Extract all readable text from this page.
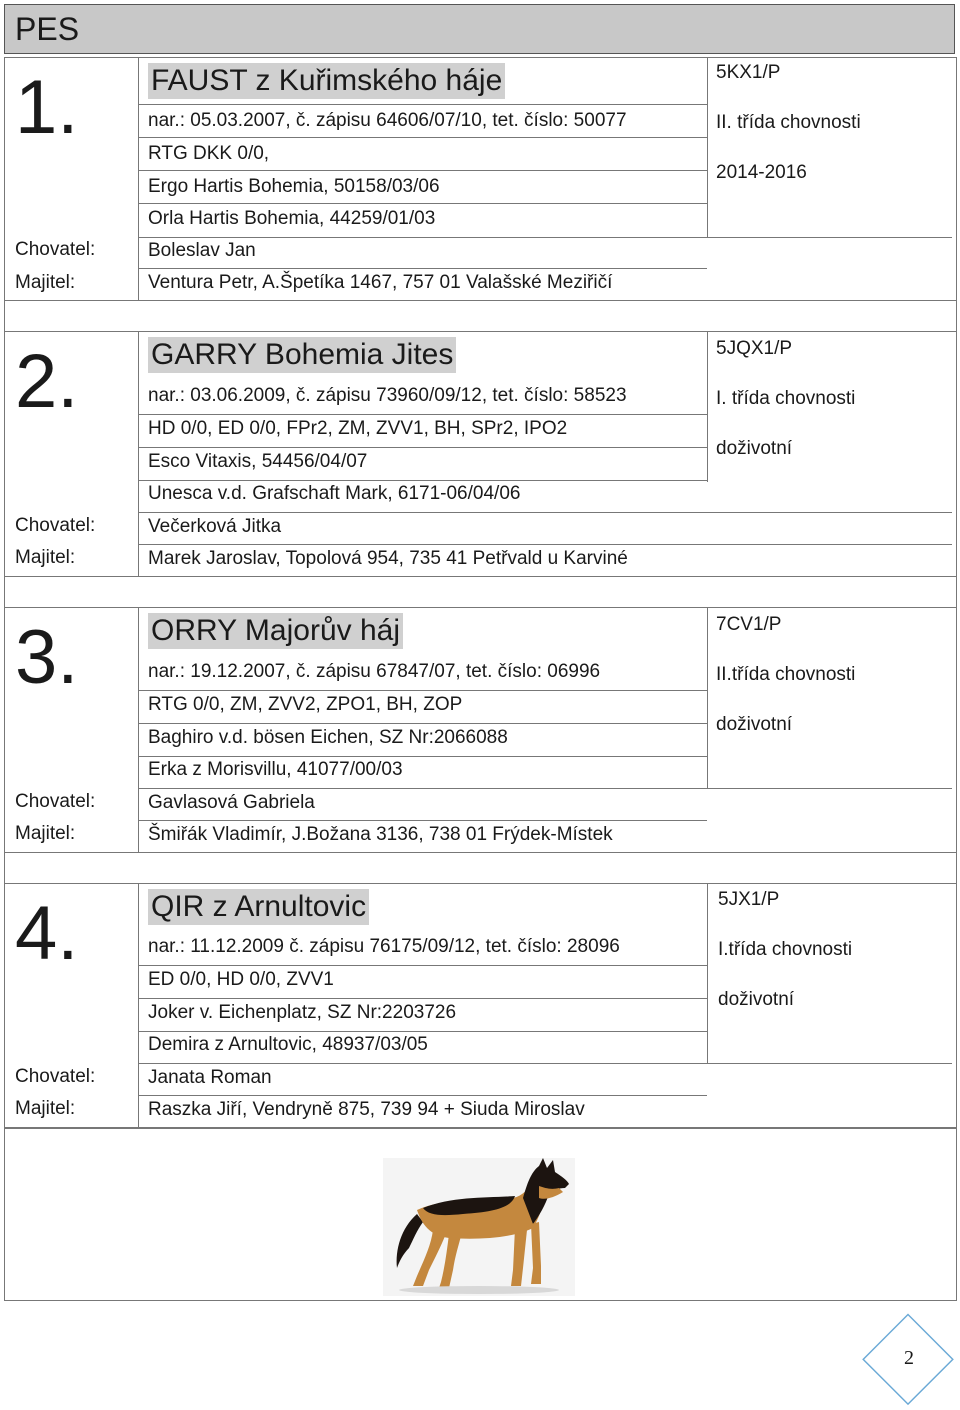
PES
1.
Chovatel:
Majitel:
FAUST z Kuřimského háje
nar.: 05.03.2007, č. zápisu 64606/07/10, tet. číslo: 50077
RTG DKK 0/0,
Ergo Hartis Bohemia, 50158/03/06
Orla Hartis Bohemia, 44259/01/03
Boleslav Jan
Ventura Petr, A.Špetíka 1467, 757 01 Valašské Meziřičí
5KX1/P
II. třída chovnosti
2014-2016
2.
Chovatel:
Majitel:
GARRY Bohemia Jites
nar.: 03.06.2009, č. zápisu 73960/09/12, tet. číslo: 58523
HD 0/0, ED 0/0, FPr2, ZM, ZVV1, BH, SPr2, IPO2
Esco Vitaxis, 54456/04/07
Unesca v.d. Grafschaft Mark, 6171-06/04/06
Večerková Jitka
Marek Jaroslav, Topolová 954, 735 41 Petřvald u Karviné
5JQX1/P
I. třída chovnosti
doživotní
3.
Chovatel:
Majitel:
ORRY Majorův háj
nar.: 19.12.2007, č. zápisu 67847/07, tet. číslo: 06996
RTG 0/0, ZM, ZVV2, ZPO1, BH, ZOP
Baghiro v.d. bösen Eichen, SZ Nr:2066088
Erka z Morisvillu, 41077/00/03
Gavlasová Gabriela
Šmiřák Vladimír, J.Božana 3136, 738 01 Frýdek-Místek
7CV1/P
II.třída chovnosti
doživotní
4.
Chovatel:
Majitel:
QIR z Arnultovic
nar.: 11.12.2009 č. zápisu 76175/09/12, tet. číslo: 28096
ED 0/0, HD 0/0, ZVV1
Joker v. Eichenplatz, SZ Nr:2203726
Demira z Arnultovic, 48937/03/05
Janata Roman
Raszka Jiří, Vendryně 875, 739 94 + Siuda Miroslav
5JX1/P
I.třída chovnosti
doživotní
2
